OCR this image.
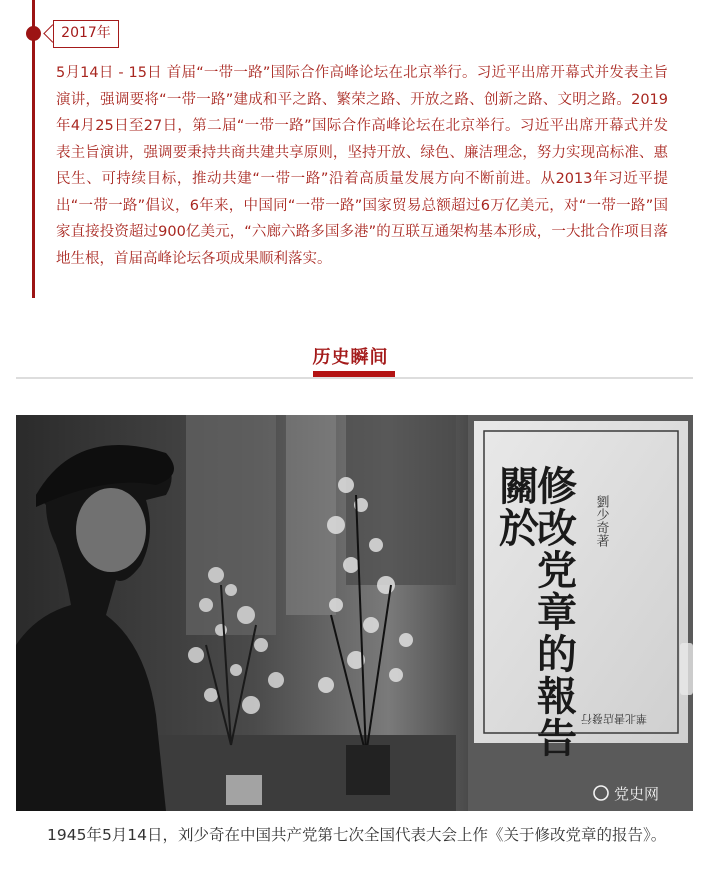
2017年

5月14日 - 15日 首届“一带一路”国际合作高峰论坛在北京举行。习近平出席开幕式并发表主旨演讲，强调要将“一带一路”建成和平之路、繁荣之路、开放之路、创新之路、文明之路。2019年4月25日至27日，第二届“一带一路”国际合作高峰论坛在北京举行。习近平出席开幕式并发表主旨演讲，强调要秉持共商共建共享原则，坚持开放、绿色、廉洁理念，努力实现高标准、惠民生、可持续目标，推动共建“一带一路”沿着高质量发展方向不断前进。从2013年习近平提出“一带一路”倡议，6年来，中国同“一带一路”国家贸易总额超过6万亿美元，对“一带一路”国家直接投资超过900亿美元，“六廊六路多国多港”的互联互通架构基本形成，一大批合作项目落地生根，首届高峰论坛各项成果顺利落实。

历史瞬间
關於
修改党章的報告 劉少奇著
華北書店發行
党史网

1945年5月14日，刘少奇在中国共产党第七次全国代表大会上作《关于修改党章的报告》。
